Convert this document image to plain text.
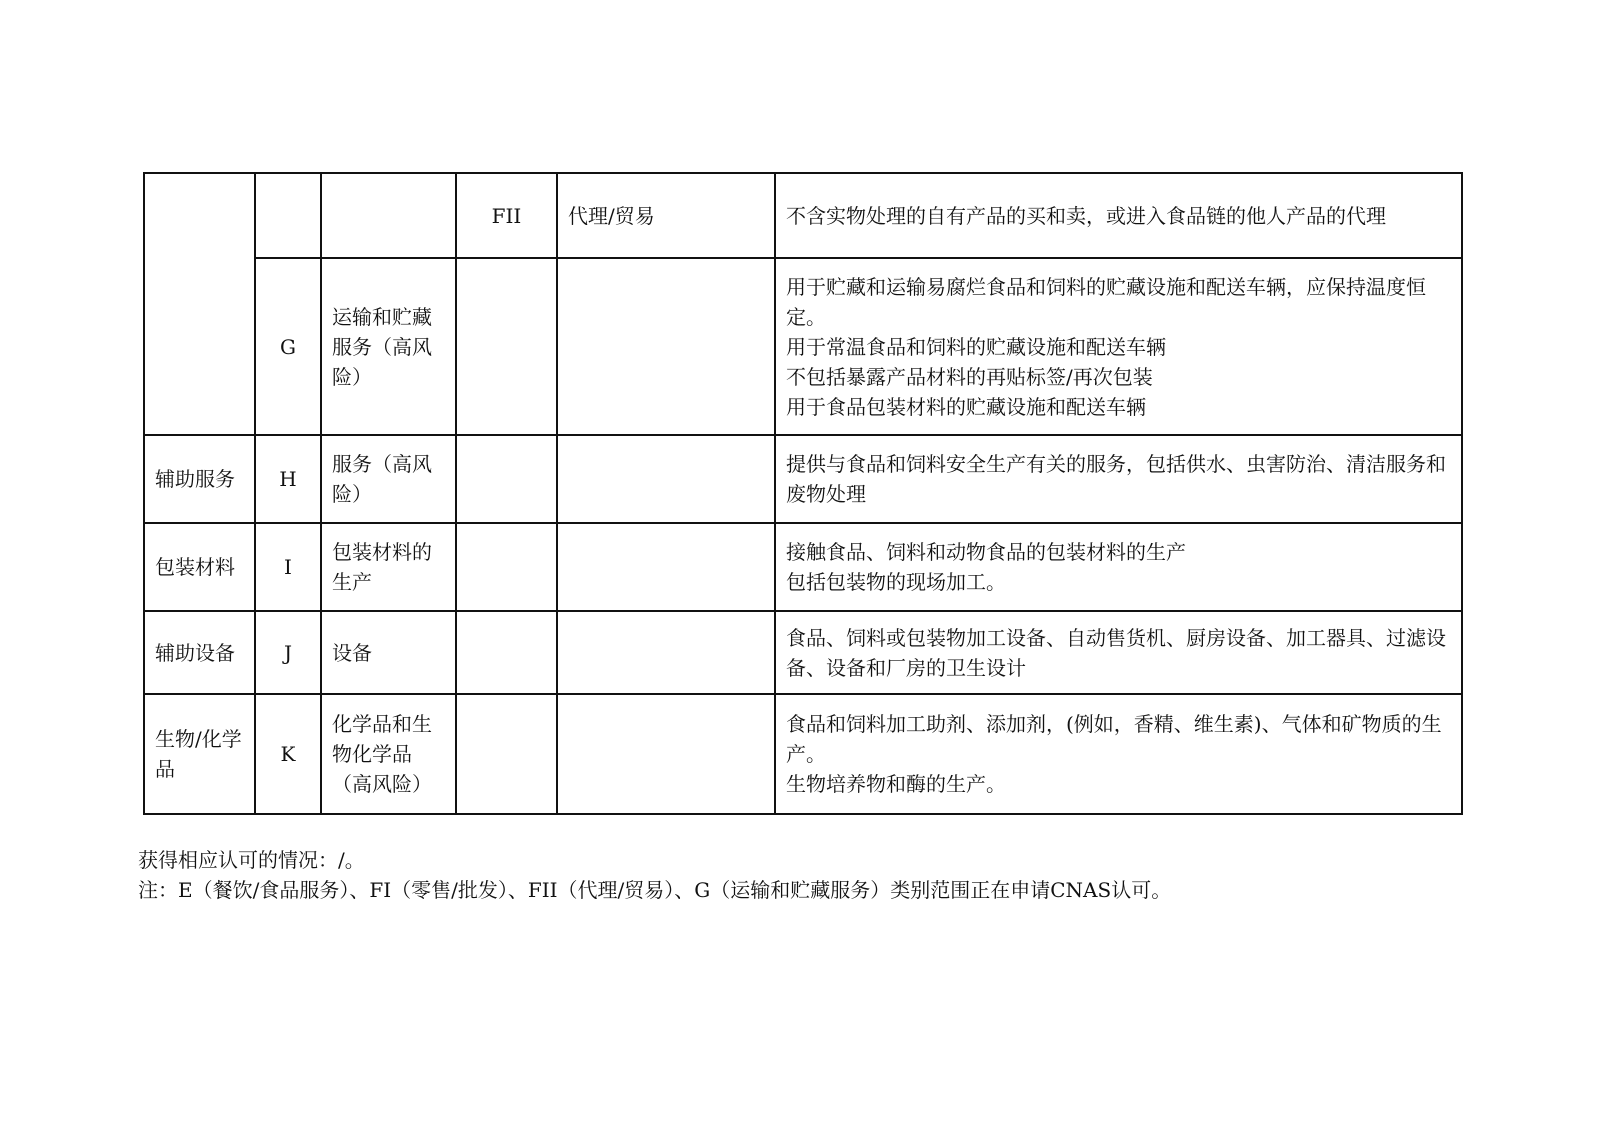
			FII	代理/贸易	不含实物处理的自有产品的买和卖，或进入食品链的他人产品的代理
	G	运输和贮藏服务（高风险）			用于贮藏和运输易腐烂食品和饲料的贮藏设施和配送车辆，应保持温度恒定。
用于常温食品和饲料的贮藏设施和配送车辆
不包括暴露产品材料的再贴标签/再次包装
用于食品包装材料的贮藏设施和配送车辆
辅助服务	H	服务（高风险）			提供与食品和饲料安全生产有关的服务，包括供水、虫害防治、清洁服务和废物处理
包装材料	I	包装材料的生产			接触食品、饲料和动物食品的包装材料的生产
包括包装物的现场加工。
辅助设备	J	设备			食品、饲料或包装物加工设备、自动售货机、厨房设备、加工器具、过滤设备、设备和厂房的卫生设计
生物/化学品	K	化学品和生物化学品（高风险）			食品和饲料加工助剂、添加剂，(例如，香精、维生素)、气体和矿物质的生产。
生物培养物和酶的生产。
获得相应认可的情况：/。
注：E（餐饮/食品服务）、FI（零售/批发）、FII（代理/贸易）、G（运输和贮藏服务）类别范围正在申请CNAS认可。
